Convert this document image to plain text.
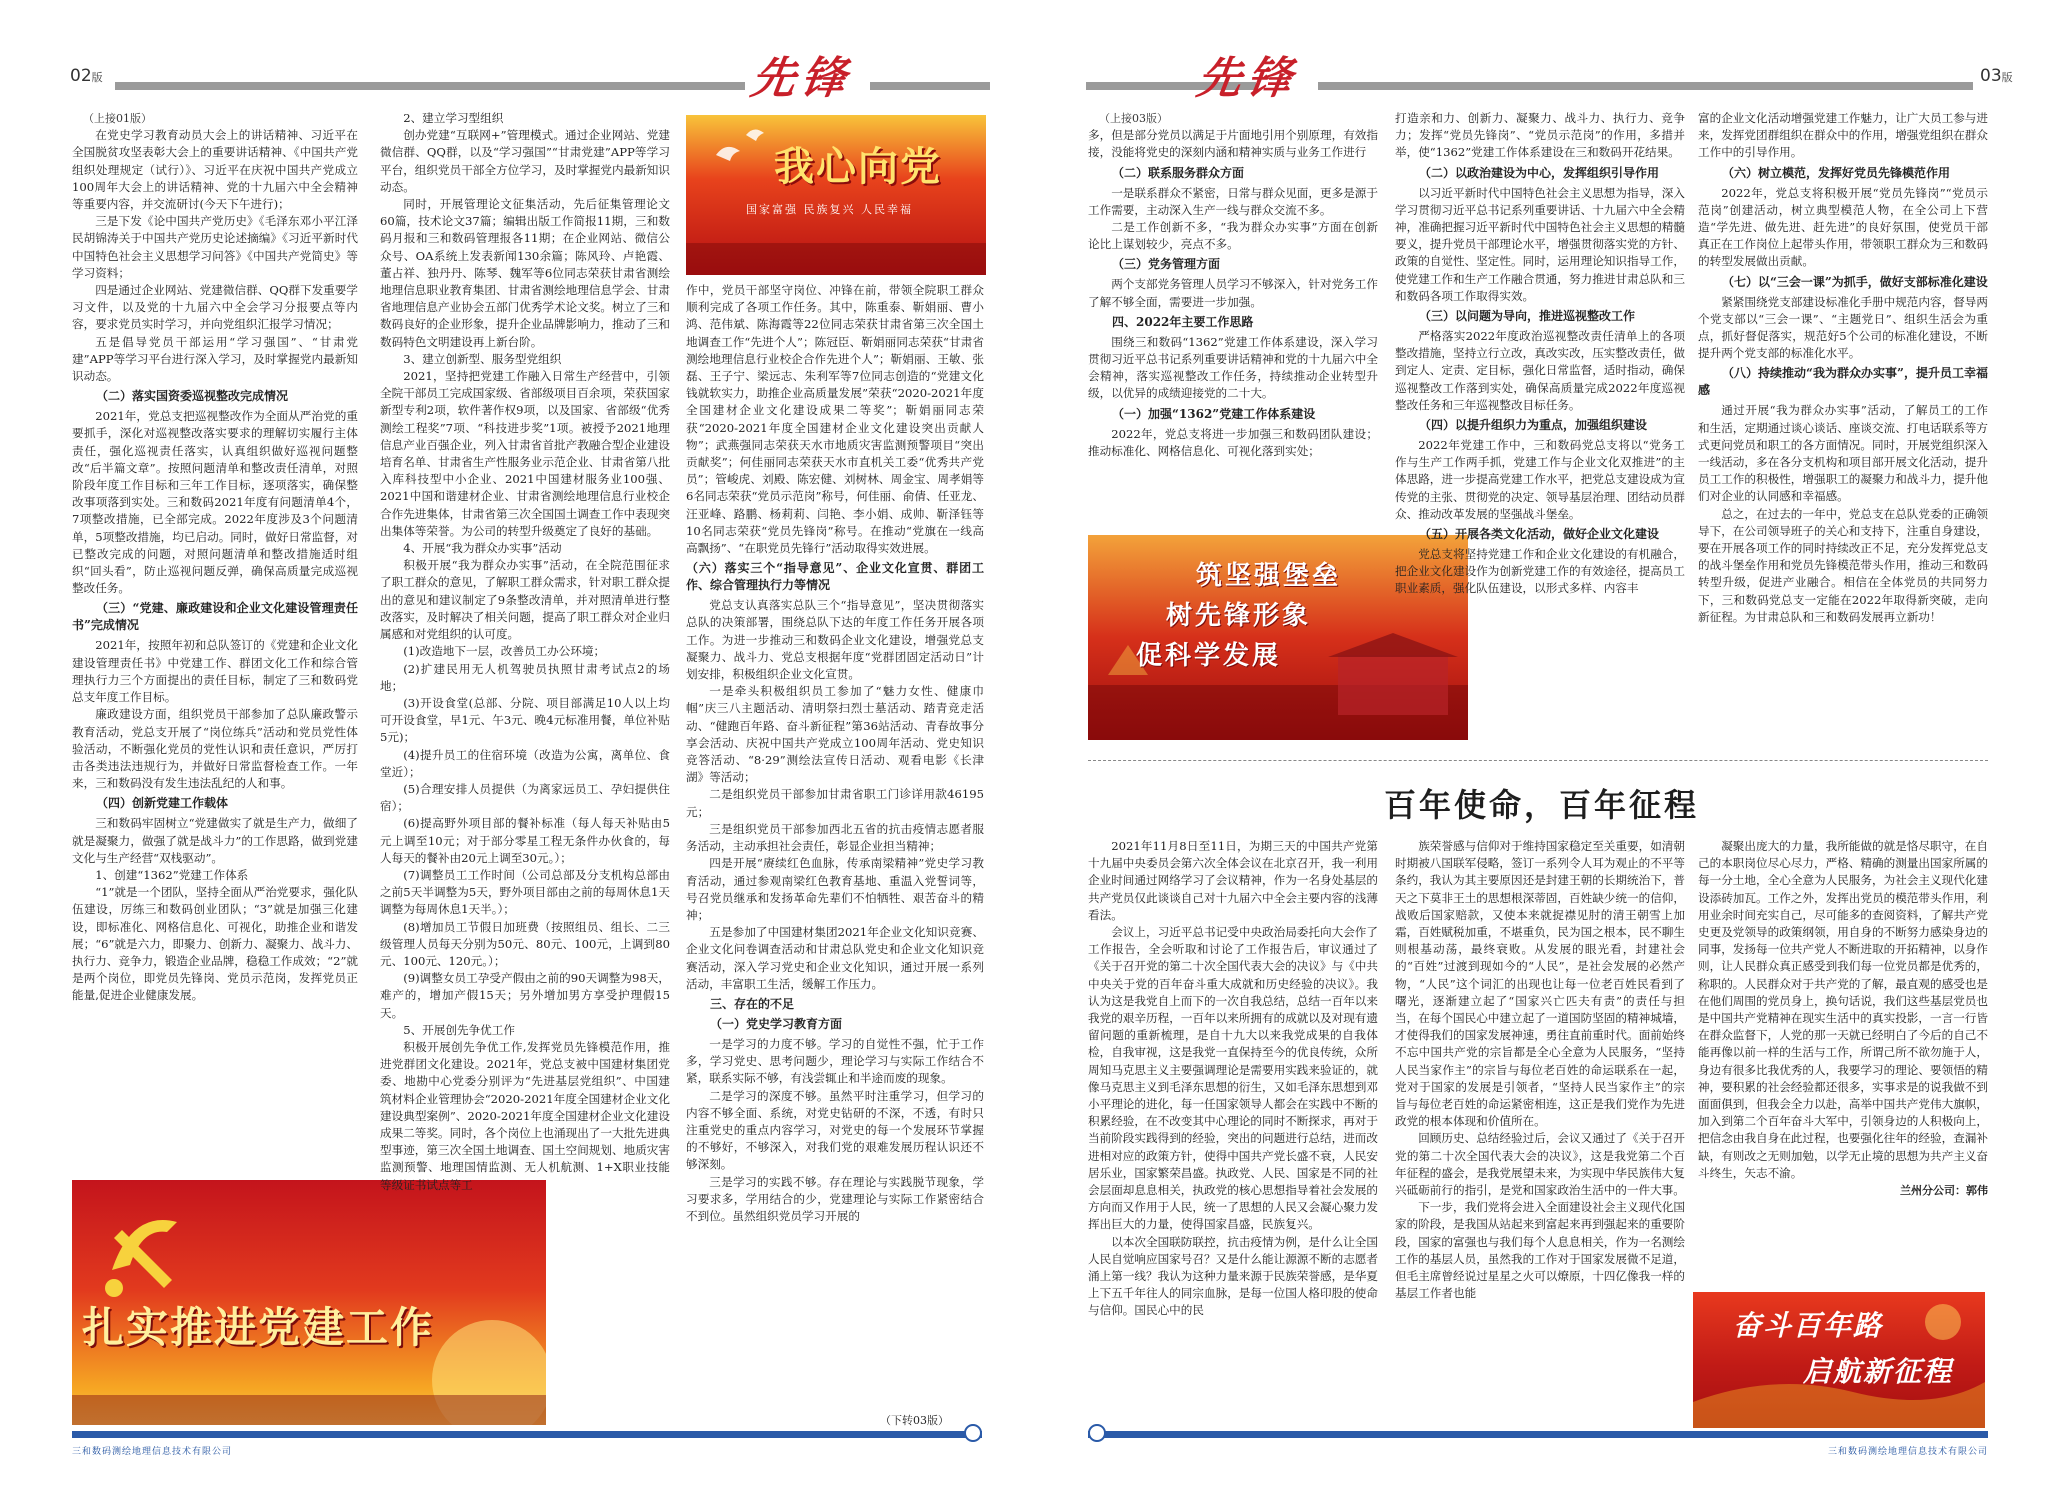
02版	先锋

（上接01版）

在党史学习教育动员大会上的讲话精神、习近平在全国脱贫攻坚表彰大会上的重要讲话精神、《中国共产党组织处理规定（试行）》、习近平在庆祝中国共产党成立100周年大会上的讲话精神、党的十九届六中全会精神等重要内容，并交流研讨(今天下午进行)；

三是下发《论中国共产党历史》《毛泽东邓小平江泽民胡锦涛关于中国共产党历史论述摘编》《习近平新时代中国特色社会主义思想学习问答》《中国共产党简史》等学习资料；

四是通过企业网站、党建微信群、QQ群下发重要学习文件，以及党的十九届六中全会学习分报要点等内容，要求党员实时学习，并向党组织汇报学习情况；

五是倡导党员干部运用“学习强国”、“甘肃党建”APP等学习平台进行深入学习，及时掌握党内最新知识动态。

（二）落实国资委巡视整改完成情况

2021年，党总支把巡视整改作为全面从严治党的重要抓手，深化对巡视整改落实要求的理解切实履行主体责任，强化巡视责任落实，认真组织做好巡视问题整改“后半篇文章”。按照问题清单和整改责任清单，对照阶段年度工作目标和三年工作目标，逐项落实，确保整改事项落到实处。三和数码2021年度有问题清单4个，7项整改措施，已全部完成。2022年度涉及3个问题清单，5项整改措施，均已启动。同时，做好日常监督，对已整改完成的问题，对照问题清单和整改措施适时组织“回头看”，防止巡视问题反弹，确保高质量完成巡视整改任务。

（三）“党建、廉政建设和企业文化建设管理责任书”完成情况

2021年，按照年初和总队签订的《党建和企业文化建设管理责任书》中党建工作、群团文化工作和综合管理执行力三个方面提出的责任目标，制定了三和数码党总支年度工作目标。

廉政建设方面，组织党员干部参加了总队廉政警示教育活动，党总支开展了“岗位练兵”活动和党员党性体验活动，不断强化党员的党性认识和责任意识，严厉打击各类违法违规行为，并做好日常监督检查工作。一年来，三和数码没有发生违法乱纪的人和事。

（四）创新党建工作载体

三和数码牢固树立“党建做实了就是生产力，做细了就是凝聚力，做强了就是战斗力”的工作思路，做到党建文化与生产经营“双栈驱动”。

1、创建“1362”党建工作体系

“1”就是一个团队，坚持全面从严治党要求，强化队伍建设，厉练三和数码创业团队；“3”就是加强三化建设，即标准化、网格信息化、可视化，助推企业和谐发展；“6”就是六力，即聚力、创新力、凝聚力、战斗力、执行力、竞争力，锻造企业品牌，稳稳工作成效；“2”就是两个岗位，即党员先锋岗、党员示范岗，发挥党员正能量,促进企业健康发展。

扎实推进党建工作

2、建立学习型组织

创办党建“互联网+”管理模式。通过企业网站、党建微信群、QQ群，以及“学习强国”“甘肃党建”APP等学习平台，组织党员干部全方位学习，及时掌握党内最新知识动态。

同时，开展管理论文征集活动，先后征集管理论文60篇，技术论文37篇；编辑出版工作简报11期，三和数码月报和三和数码管理报各11期；在企业网站、微信公众号、OA系统上发表新闻130余篇；陈风玲、卢艳霞、董占祥、独丹丹、陈琴、魏军等6位同志荣获甘肃省测绘地理信息职业教育集团、甘肃省测绘地理信息学会、甘肃省地理信息产业协会五部门优秀学术论文奖。树立了三和数码良好的企业形象，提升企业品牌影响力，推动了三和数码特色文明建设再上新台阶。

3、建立创新型、服务型党组织

2021，坚持把党建工作融入日常生产经营中，引领全院干部员工完成国家级、省部级项目百余项，荣获国家新型专利2项，软件著作权9项，以及国家、省部级“优秀测绘工程奖”7项、“科技进步奖”1项。被授予2021地理信息产业百强企业，列入甘肃省首批产教融合型企业建设培育名单、甘肃省生产性服务业示范企业、甘肃省第八批入库科技型中小企业、2021中国建材服务业100强、2021中国和谐建材企业、甘肃省测绘地理信息行业校企合作先进集体，甘肃省第三次全国国土调查工作中表现突出集体等荣誉。为公司的转型升级奠定了良好的基础。

4、开展“我为群众办实事”活动

积极开展“我为群众办实事”活动，在全院范围征求了职工群众的意见，了解职工群众需求，针对职工群众提出的意见和建议制定了9条整改清单，并对照清单进行整改落实，及时解决了相关问题，提高了职工群众对企业归属感和对党组织的认可度。

(1)改造地下一层，改善员工办公环境；

(2)扩建民用无人机驾驶员执照甘肃考试点2的场地；

(3)开设食堂(总部、分院、项目部满足10人以上均可开设食堂，早1元、午3元、晚4元标准用餐，单位补贴5元)；

(4)提升员工的住宿环境（改造为公寓，离单位、食堂近）；

(5)合理安排人员提供（为离家远员工、孕妇提供住宿）；

(6)提高野外项目部的餐补标准（每人每天补贴由5元上调至10元；对于部分零星工程无条件办伙食的，每人每天的餐补由20元上调至30元。）；

(7)调整员工工作时间（公司总部及分支机构总部由之前5天半调整为5天，野外项目部由之前的每周休息1天调整为每周休息1天半。）；

(8)增加员工节假日加班费（按照组员、组长、二三级管理人员每天分别为50元、80元、100元，上调到80元、100元、120元。）；

(9)调整女员工孕受产假由之前的90天调整为98天，难产的，增加产假15天；另外增加男方享受护理假15天。

5、开展创先争优工作

积极开展创先争优工作,发挥党员先锋模范作用，推进党群团文化建设。2021年，党总支被中国建材集团党委、地勘中心党委分别评为“先进基层党组织”、中国建筑材料企业管理协会“2020-2021年度全国建材企业文化建设典型案例”、2020-2021年度全国建材企业文化建设成果二等奖。同时，各个岗位上也涌现出了一大批先进典型事迹，第三次全国土地调查、国土空间规划、地质灾害监测预警、地理国情监测、无人机航测、1+X职业技能等级证书试点等工

我心向党
国家富强 民族复兴 人民幸福

作中，党员干部坚守岗位、冲锋在前，带领全院职工群众顺利完成了各项工作任务。其中，陈重泰、靳娟丽、曹小鸿、范伟斌、陈海霞等22位同志荣获甘肃省第三次全国土地调查工作“先进个人”；陈冠臣、靳娟丽同志荣获“甘肃省测绘地理信息行业校企合作先进个人”；靳娟丽、王敏、张磊、王子宁、梁远志、朱利军等7位同志创造的“党建文化钱就软实力，助推企业高质量发展”荣获“2020-2021年度全国建材企业文化建设成果二等奖”；靳娟丽同志荣获“2020-2021年度全国建材企业文化建设突出贡献人物”；武燕强同志荣获天水市地质灾害监测预警项目“突出贡献奖”；何佳丽同志荣获天水市直机关工委“优秀共产党员”；管峻虎、刘殿、陈宏健、刘树林、周金宝、周孝娟等6名同志荣获“党员示范岗”称号，何佳丽、俞倩、任亚龙、汪亚峰、路鹏、杨莉莉、闫艳、李小娟、成帅、靳泽钰等10名同志荣获“党员先锋岗”称号。在推动“党旗在一线高高飘扬”、“在职党员先锋行”活动取得实效进展。

（六）落实三个“指导意见”、企业文化宣贯、群团工作、综合管理执行力等情况

党总支认真落实总队三个“指导意见”，坚决贯彻落实总队的决策部署，围绕总队下达的年度工作任务开展各项工作。为进一步推动三和数码企业文化建设，增强党总支凝聚力、战斗力、党总支根据年度“党群团固定活动日”计划安排，积极组织企业文化宣贯。

一是牵头积极组织员工参加了“魅力女性、健康巾帼”庆三八主题活动、清明祭扫烈士墓活动、踏青竞走活动、“健跑百年路、奋斗新征程”第36站活动、青春故事分享会活动、庆祝中国共产党成立100周年活动、党史知识竞答活动、“8·29”测绘法宣传日活动、观看电影《长津湖》等活动；

二是组织党员干部参加甘肃省职工门诊详用款46195元；

三是组织党员干部参加西北五省的抗击疫情志愿者服务活动，主动承担社会责任，彰显企业担当精神；

四是开展“赓续红色血脉，传承南梁精神”党史学习教育活动，通过参观南梁红色教育基地、重温入党誓词等，号召党员继承和发扬革命先辈们不怕牺牲、艰苦奋斗的精神；

五是参加了中国建材集团2021年企业文化知识竞赛、企业文化问卷调查活动和甘肃总队党史和企业文化知识竞赛活动，深入学习党史和企业文化知识，通过开展一系列活动，丰富职工生活，缓解工作压力。

三、存在的不足
（一）党史学习教育方面

一是学习的力度不够。学习的自觉性不强，忙于工作多，学习党史、思考问题少，理论学习与实际工作结合不紧，联系实际不够，有浅尝辄止和半途而废的现象。

二是学习的深度不够。虽然平时注重学习，但学习的内容不够全面、系统，对党史钻研的不深，不透，有时只注重党史的重点内容学习，对党史的每一个发展环节掌握的不够好，不够深入，对我们党的艰难发展历程认识还不够深刻。

三是学习的实践不够。存在理论与实践脱节现象，学习要求多，学用结合的少，党建理论与实际工作紧密结合不到位。虽然组织党员学习开展的

（下转03版）
三和数码测绘地理信息技术有限公司
先锋	03版

（上接03版）

多，但是部分党员以满足于片面地引用个别原理，有效指接，没能将党史的深刻内涵和精神实质与业务工作进行

（二）联系服务群众方面

一是联系群众不紧密，日常与群众见面，更多是源于工作需要，主动深入生产一线与群众交流不多。

二是工作创新不多，“我为群众办实事”方面在创新论比上谋划较少，亮点不多。

（三）党务管理方面

两个支部党务管理人员学习不够深入，针对党务工作了解不够全面，需要进一步加强。

四、2022年主要工作思路

围绕三和数码“1362”党建工作体系建设，深入学习贯彻习近平总书记系列重要讲话精神和党的十九届六中全会精神，落实巡视整改工作任务，持续推动企业转型升级，以优异的成绩迎接党的二十大。

（一）加强“1362”党建工作体系建设

2022年，党总支将进一步加强三和数码团队建设；推动标准化、网格信息化、可视化落到实处；

筑坚强堡垒
树先锋形象
促科学发展

打造亲和力、创新力、凝聚力、战斗力、执行力、竞争力；发挥“党员先锋岗”、“党员示范岗”的作用，多措并举，使“1362”党建工作体系建设在三和数码开花结果。

（二）以政治建设为中心，发挥组织引导作用

以习近平新时代中国特色社会主义思想为指导，深入学习贯彻习近平总书记系列重要讲话、十九届六中全会精神，准确把握习近平新时代中国特色社会主义思想的精髓要义，提升党员干部理论水平，增强贯彻落实党的方针、政策的自觉性、坚定性。同时，运用理论知识指导工作，使党建工作和生产工作融合贯通，努力推进甘肃总队和三和数码各项工作取得实效。

（三）以问题为导向，推进巡视整改工作

严格落实2022年度政治巡视整改责任清单上的各项整改措施，坚持立行立改，真改实改，压实整改责任，做到定人、定责、定目标，强化日常监督，适时指动，确保巡视整改工作落到实处，确保高质量完成2022年度巡视整改任务和三年巡视整改目标任务。

（四）以提升组织力为重点，加强组织建设

2022年党建工作中，三和数码党总支将以“党务工作与生产工作两手抓，党建工作与企业文化双推进”的主体思路，进一步提高党建工作水平，把党总支建设成为宣传党的主张、贯彻党的决定、领导基层治理、团结动员群众、推动改革发展的坚强战斗堡垒。

（五）开展各类文化活动，做好企业文化建设

党总支将坚持党建工作和企业文化建设的有机融合，把企业文化建设作为创新党建工作的有效途径，提高员工职业素质，强化队伍建设，以形式多样、内容丰

富的企业文化活动增强党建工作魅力，让广大员工参与进来，发挥党团群组织在群众中的作用，增强党组织在群众工作中的引导作用。

（六）树立模范，发挥好党员先锋模范作用

2022年，党总支将积极开展“党员先锋岗”“党员示范岗”创建活动，树立典型模范人物，在全公司上下营造“学先进、做先进、赶先进”的良好氛围，使党员干部真正在工作岗位上起带头作用，带领职工群众为三和数码的转型发展做出贡献。

（七）以“三会一课”为抓手，做好支部标准化建设

紧紧围绕党支部建设标准化手册中规范内容，督导两个党支部以“三会一课”、“主题党日”、组织生活会为重点，抓好督促落实，规范好5个公司的标准化建设，不断提升两个党支部的标准化水平。

（八）持续推动“我为群众办实事”，提升员工幸福感

通过开展“我为群众办实事”活动，了解员工的工作和生活，定期通过谈心谈话、座谈交流、打电话联系等方式更问党员和职工的各方面情况。同时，开展党组织深入一线活动，多在各分支机构和项目部开展文化活动，提升员工工作的积极性，增强职工的凝聚力和战斗力，提升他们对企业的认同感和幸福感。

总之，在过去的一年中，党总支在总队党委的正确领导下，在公司领导班子的关心和支持下，注重自身建设，要在开展各项工作的同时持续改正不足，充分发挥党总支的战斗堡垒作用和党员先锋模范带头作用，推动三和数码转型升级，促进产业融合。相信在全体党员的共同努力下，三和数码党总支一定能在2022年取得新突破，走向新征程。为甘肃总队和三和数码发展再立新功！

百年使命，百年征程

2021年11月8日至11日，为期三天的中国共产党第十九届中央委员会第六次全体会议在北京召开，我一利用企业时间通过网络学习了会议精神，作为一名身处基层的共产党员仅此谈谈自己对十九届六中全会主要内容的浅薄看法。

会议上，习近平总书记受中央政治局委托向大会作了工作报告，全会听取和讨论了工作报告后，审议通过了《关于召开党的第二十次全国代表大会的决议》与《中共中央关于党的百年奋斗重大成就和历史经验的决议》。我认为这是我党自上而下的一次自我总结，总结一百年以来我党的艰辛历程，一百年以来所拥有的成就以及对现有遗留问题的重新梳理，是自十九大以来我党成果的自我体检，自我审视，这是我党一直保持至今的优良传统，众所周知马克思主义主要强调理论是需要用实践来验证的，就像马克思主义到毛泽东思想的衍生，又如毛泽东思想到邓小平理论的进化，每一任国家领导人都会在实践中不断的积累经验，在不改变其中心理论的同时不断探求，再对于当前阶段实践得到的经验，突出的问题进行总结，进而改进相对应的政策方针，使得中国共产党长盛不衰，人民安居乐业，国家繁荣昌盛。执政党、人民、国家是不同的社会层面却息息相关，执政党的核心思想指导着社会发展的方向而又作用于人民，统一了思想的人民又会凝心聚力发挥出巨大的力量，使得国家昌盛，民族复兴。

以本次全国联防联控，抗击疫情为例，是什么让全国人民自觉响应国家号召？又是什么能让源源不断的志愿者涌上第一线？我认为这种力量来源于民族荣誉感，是华夏上下五千年往人的同宗血脉，是每一位国人格印股的使命与信仰。国民心中的民

族荣誉感与信仰对于维持国家稳定至关重要，如清朝时期被八国联军侵略，签订一系列令人耳为观止的不平等条约，我认为其主要原因还是封建王朝的长期统治下，普天之下莫非王土的思想根深蒂固，百姓缺少统一的信仰，战败后国家赔款，又使本来就捉襟见肘的清王朝雪上加霜，百姓赋税加重，不堪重负，民为国之根本，民不聊生则根基动荡，最终衰败。从发展的眼光看，封建社会的“百姓”过渡到现如今的“人民”，是社会发展的必然产物，“人民”这个词汇的出现也让每一位老百姓民看到了曙光，逐渐建立起了“国家兴亡匹夫有责”的责任与担当，在每个国民心中建立起了一道国防坚固的精神城墙，才使得我们的国家发展神速，勇往直前重时代。面前始终不忘中国共产党的宗旨都是全心全意为人民服务，“坚持人民当家作主”的宗旨与每位老百姓的命运联系在一起，党对于国家的发展是引领者，“坚持人民当家作主”的宗旨与每位老百姓的命运紧密相连，这正是我们党作为先进政党的根本体现和价值所在。

回顾历史、总结经验过后，会议又通过了《关于召开党的第二十次全国代表大会的决议》，这是我党第二个百年征程的盛会，是我党展望未来，为实现中华民族伟大复兴砥砺前行的指引，是党和国家政治生活中的一件大事。

下一步，我们党将会进入全面建设社会主义现代化国家的阶段，是我国从站起来到富起来再到强起来的重要阶段，国家的富强也与我们每个人息息相关，作为一名测绘工作的基层人员，虽然我的工作对于国家发展微不足道，但毛主席曾经说过星星之火可以燎原，十四亿像我一样的基层工作者也能

凝聚出庞大的力量，我所能做的就是恪尽职守，在自己的本职岗位尽心尽力，严格、精确的测量出国家所属的每一分土地，全心全意为人民服务，为社会主义现代化建设添砖加瓦。工作之外，发挥出党员的模范带头作用，利用业余时间充实自己，尽可能多的查阅资料，了解共产党史更及党领导的政策纲领，用自身的不断努力感染身边的同事，发扬每一位共产党人不断进取的开拓精神，以身作则，让人民群众真正感受到我们每一位党员都是优秀的，称职的。人民群众对于共产党的了解，最直观的感受也是在他们周围的党员身上，换句话说，我们这些基层党员也是中国共产党精神在现实生活中的真实投影，一言一行皆在群众监督下，人党的那一天就已经明白了今后的自己不能再像以前一样的生活与工作，所谓己所不欲勿施于人，身边有很多比我优秀的人，我要学习的理论、要领悟的精神，要积累的社会经验都还很多，实事求是的说我做不到面面俱到，但我会全力以赴，高举中国共产党伟大旗帜，加入到第二个百年奋斗大军中，引领身边的人积极向上，把信念由我自身在此过程，也要强化往年的经验，查漏补缺，有则改之无则加勉，以学无止境的思想为共产主义奋斗终生，矢志不渝。

兰州分公司：郭伟

奋斗百年路
启航新征程
三和数码测绘地理信息技术有限公司
